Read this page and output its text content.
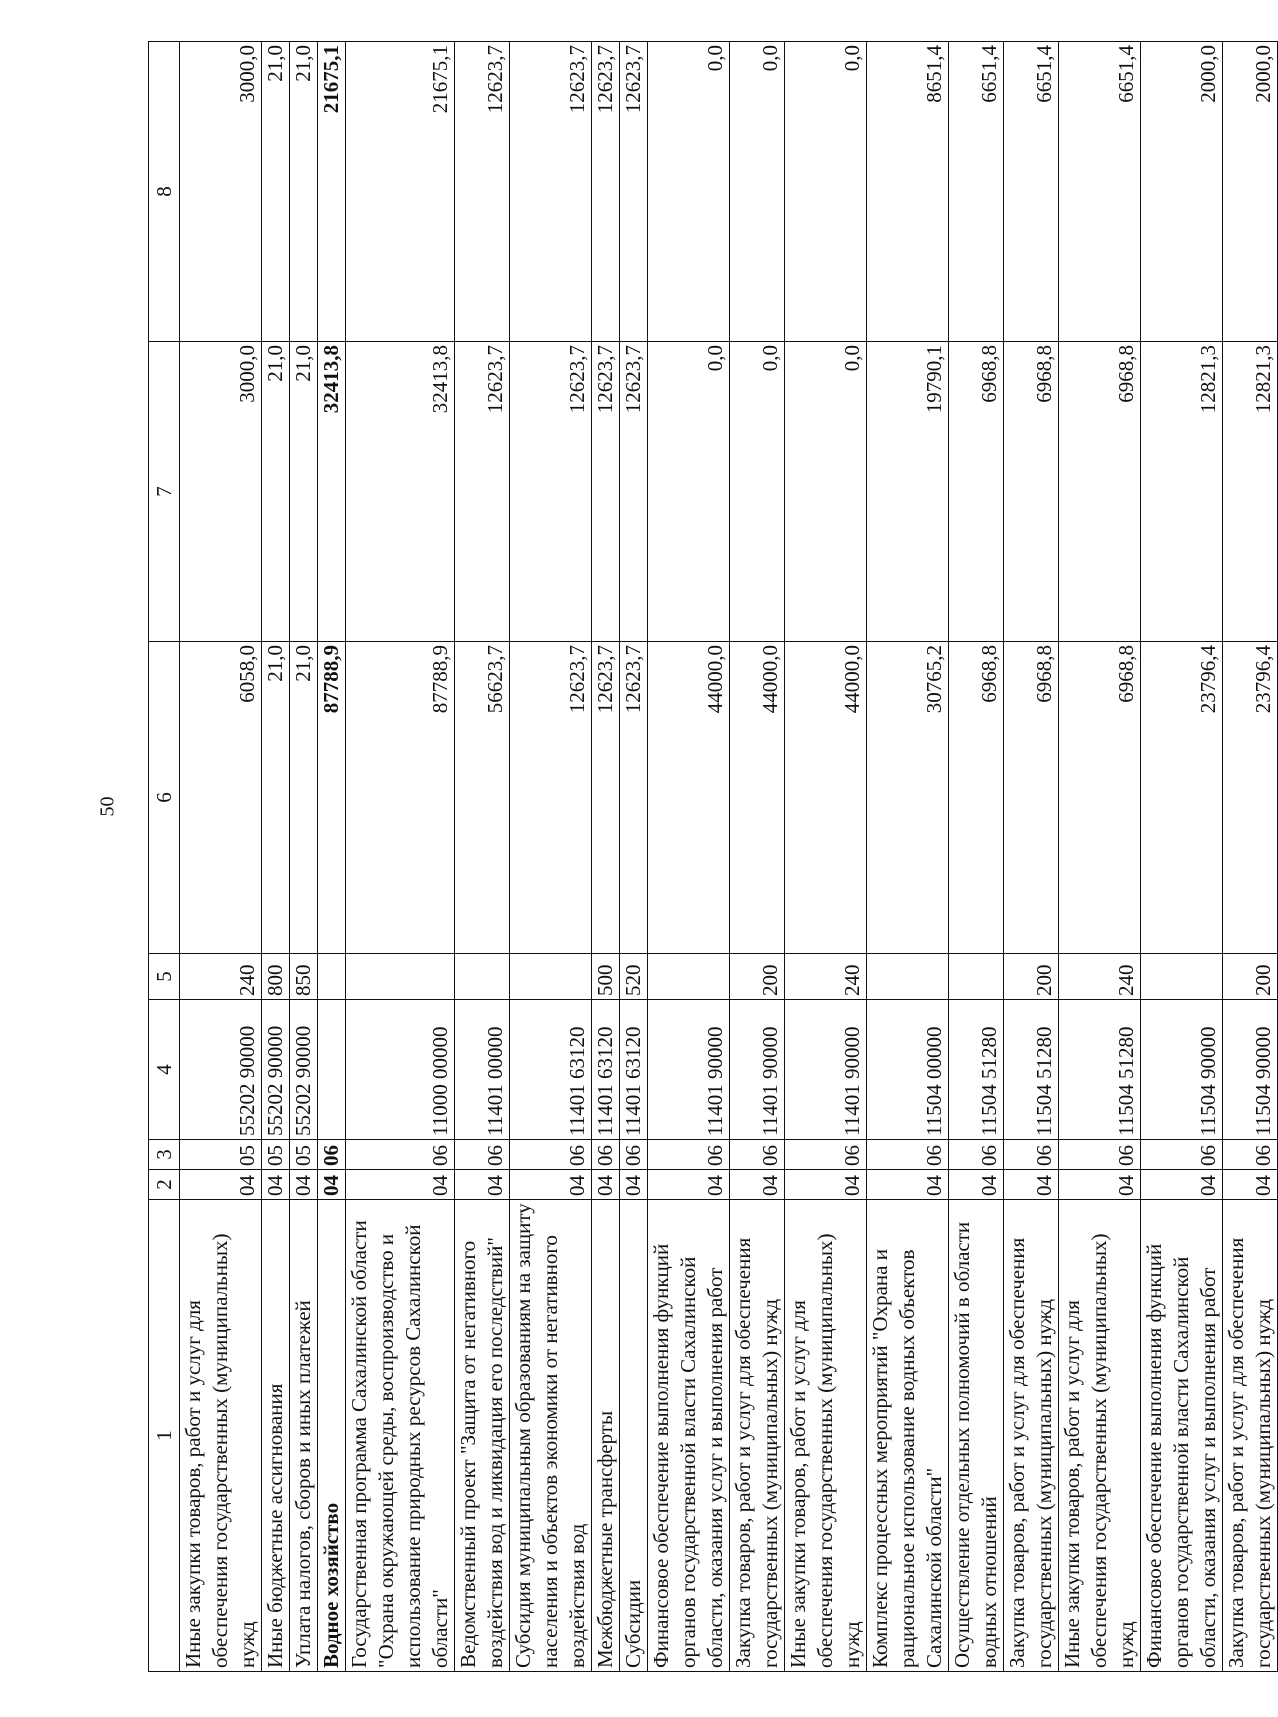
50
1	2	3	4	5	6	7	8
Иные закупки товаров, работ и услуг для обеспечения государственных (муниципальных) нужд	04	05	55202 90000	240	6058,0	3000,0	3000,0
Иные бюджетные ассигнования	04	05	55202 90000	800	21,0	21,0	21,0
Уплата налогов, сборов и иных платежей	04	05	55202 90000	850	21,0	21,0	21,0
Водное хозяйство	04	06			87788,9	32413,8	21675,1
Государственная программа Сахалинской области "Охрана окружающей среды, воспроизводство и использование природных ресурсов Сахалинской области"	04	06	11000 00000		87788,9	32413,8	21675,1
Ведомственный проект "Защита от негативного воздействия вод и ликвидация его последствий"	04	06	11401 00000		56623,7	12623,7	12623,7
Субсидия муниципальным образованиям на защиту населения и объектов экономики от негативного воздействия вод	04	06	11401 63120		12623,7	12623,7	12623,7
Межбюджетные трансферты	04	06	11401 63120	500	12623,7	12623,7	12623,7
Субсидии	04	06	11401 63120	520	12623,7	12623,7	12623,7
Финансовое обеспечение выполнения функций органов государственной власти Сахалинской области, оказания услуг и выполнения работ	04	06	11401 90000		44000,0	0,0	0,0
Закупка товаров, работ и услуг для обеспечения государственных (муниципальных) нужд	04	06	11401 90000	200	44000,0	0,0	0,0
Иные закупки товаров, работ и услуг для обеспечения государственных (муниципальных) нужд	04	06	11401 90000	240	44000,0	0,0	0,0
Комплекс процессных мероприятий "Охрана и рациональное использование водных объектов Сахалинской области"	04	06	11504 00000		30765,2	19790,1	8651,4
Осуществление отдельных полномочий в области водных отношений	04	06	11504 51280		6968,8	6968,8	6651,4
Закупка товаров, работ и услуг для обеспечения государственных (муниципальных) нужд	04	06	11504 51280	200	6968,8	6968,8	6651,4
Иные закупки товаров, работ и услуг для обеспечения государственных (муниципальных) нужд	04	06	11504 51280	240	6968,8	6968,8	6651,4
Финансовое обеспечение выполнения функций органов государственной власти Сахалинской области, оказания услуг и выполнения работ	04	06	11504 90000		23796,4	12821,3	2000,0
Закупка товаров, работ и услуг для обеспечения государственных (муниципальных) нужд	04	06	11504 90000	200	23796,4	12821,3	2000,0
